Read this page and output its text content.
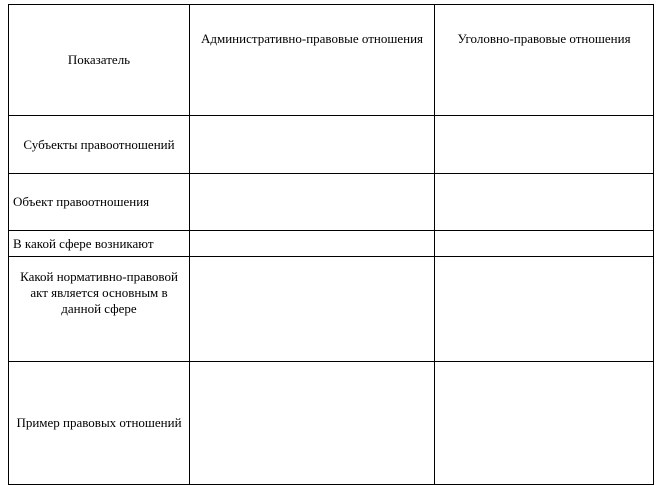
Показатель	Административно-правовые отношения	Уголовно-правовые отношения
Субъекты правоотношений		
Объект правоотношения		
В какой сфере возникают		
Какой нормативно-правовой акт является основным в данной сфере		
Пример правовых отношений		
